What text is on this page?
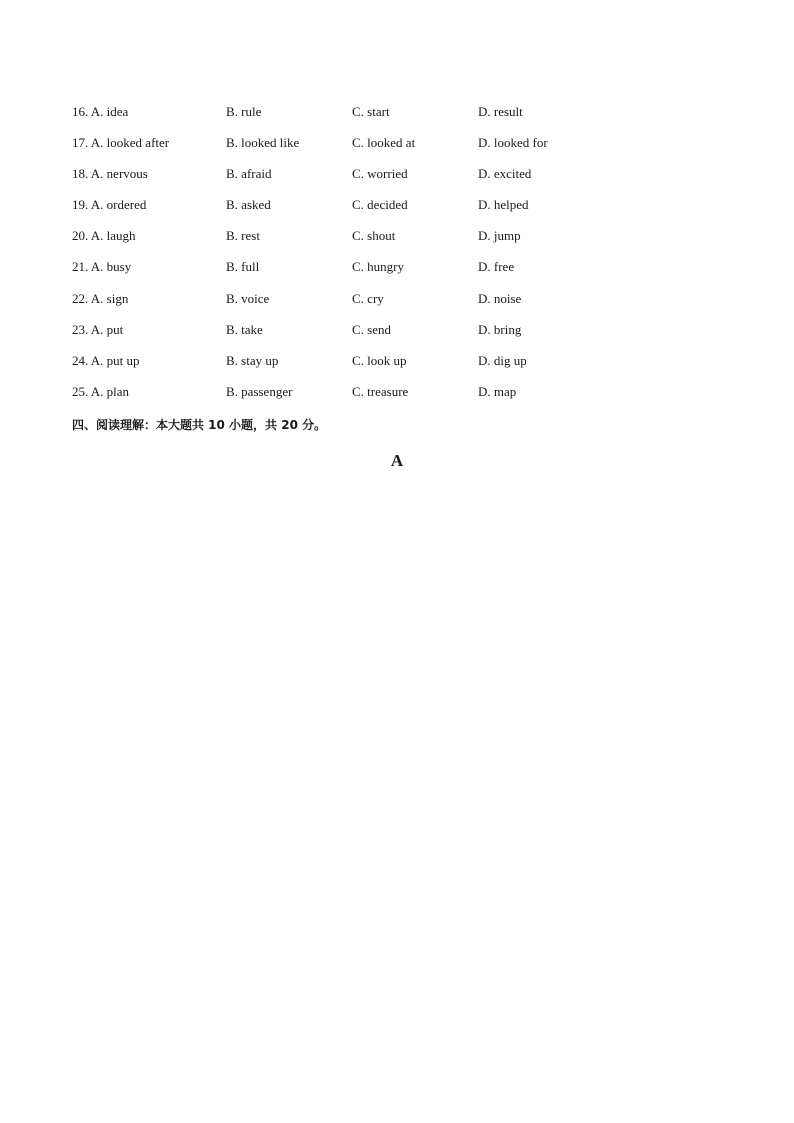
16. A. idea	B. rule	C. start	D. result
17. A. looked after	B. looked like	C. looked at	D. looked for
18. A. nervous	B. afraid	C. worried	D. excited
19. A. ordered	B. asked	C. decided	D. helped
20. A. laugh	B. rest	C. shout	D. jump
21. A. busy	B. full	C. hungry	D. free
22. A. sign	B. voice	C. cry	D. noise
23. A. put	B. take	C. send	D. bring
24. A. put up	B. stay up	C. look up	D. dig up
25. A. plan	B. passenger	C. treasure	D. map
四、阅读理解：本大题共 10 小题，共 20 分。
A
